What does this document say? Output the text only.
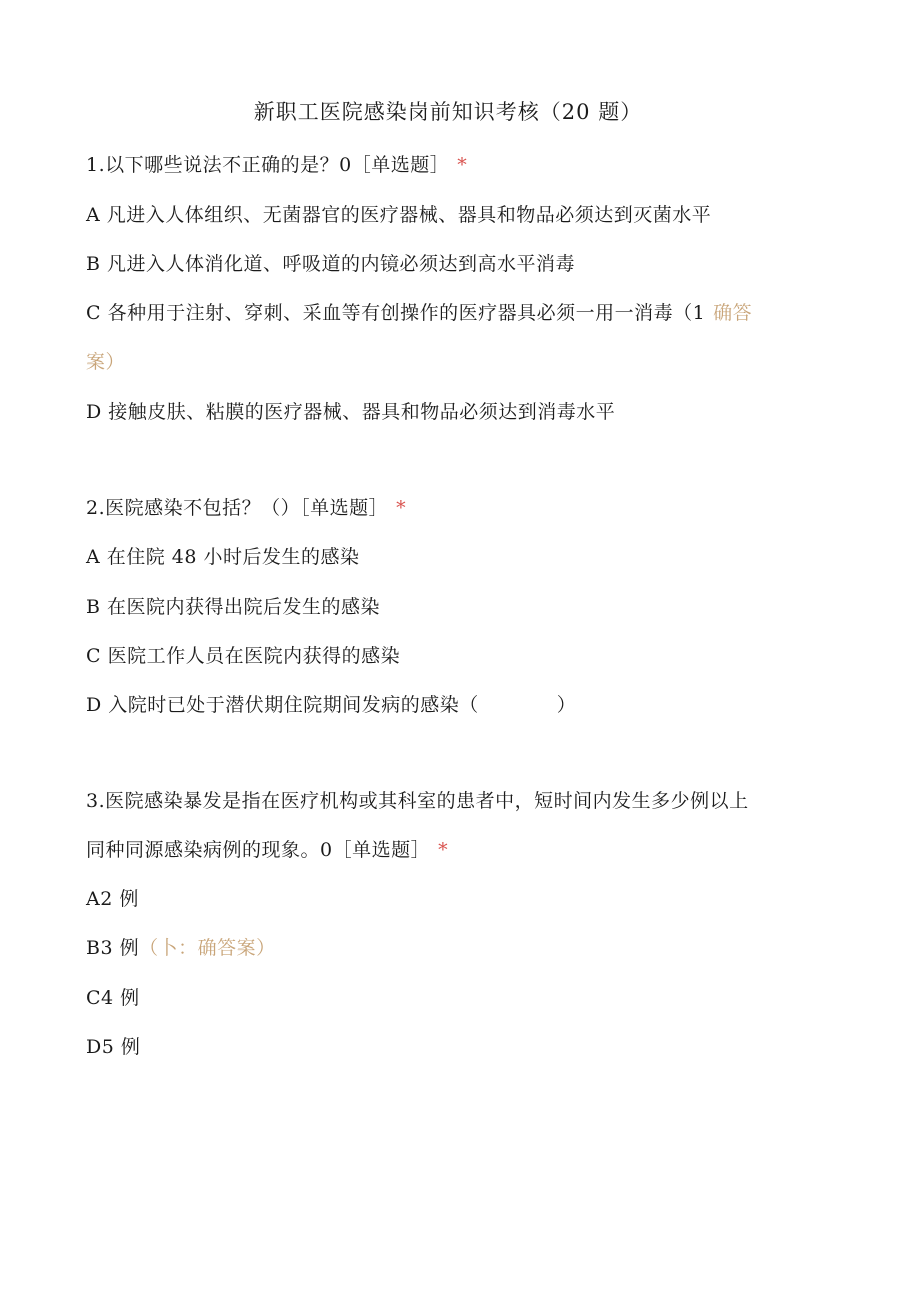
新职工医院感染岗前知识考核（20 题）
1.以下哪些说法不正确的是？0［单选题］ *
A 凡进入人体组织、无菌器官的医疗器械、器具和物品必须达到灭菌水平
B 凡进入人体消化道、呼吸道的内镜必须达到高水平消毒
C 各种用于注射、穿刺、采血等有创操作的医疗器具必须一用一消毒（1 确答
案）
D 接触皮肤、粘膜的医疗器械、器具和物品必须达到消毒水平
2.医院感染不包括？（）［单选题］ *
A 在住院 48 小时后发生的感染
B 在医院内获得出院后发生的感染
C 医院工作人员在医院内获得的感染
D 入院时已处于潜伏期住院期间发病的感染（　　　　）
3.医院感染暴发是指在医疗机构或其科室的患者中，短时间内发生多少例以上
同种同源感染病例的现象。0［单选题］ *
A2 例
B3 例（卜：确答案）
C4 例
D5 例
